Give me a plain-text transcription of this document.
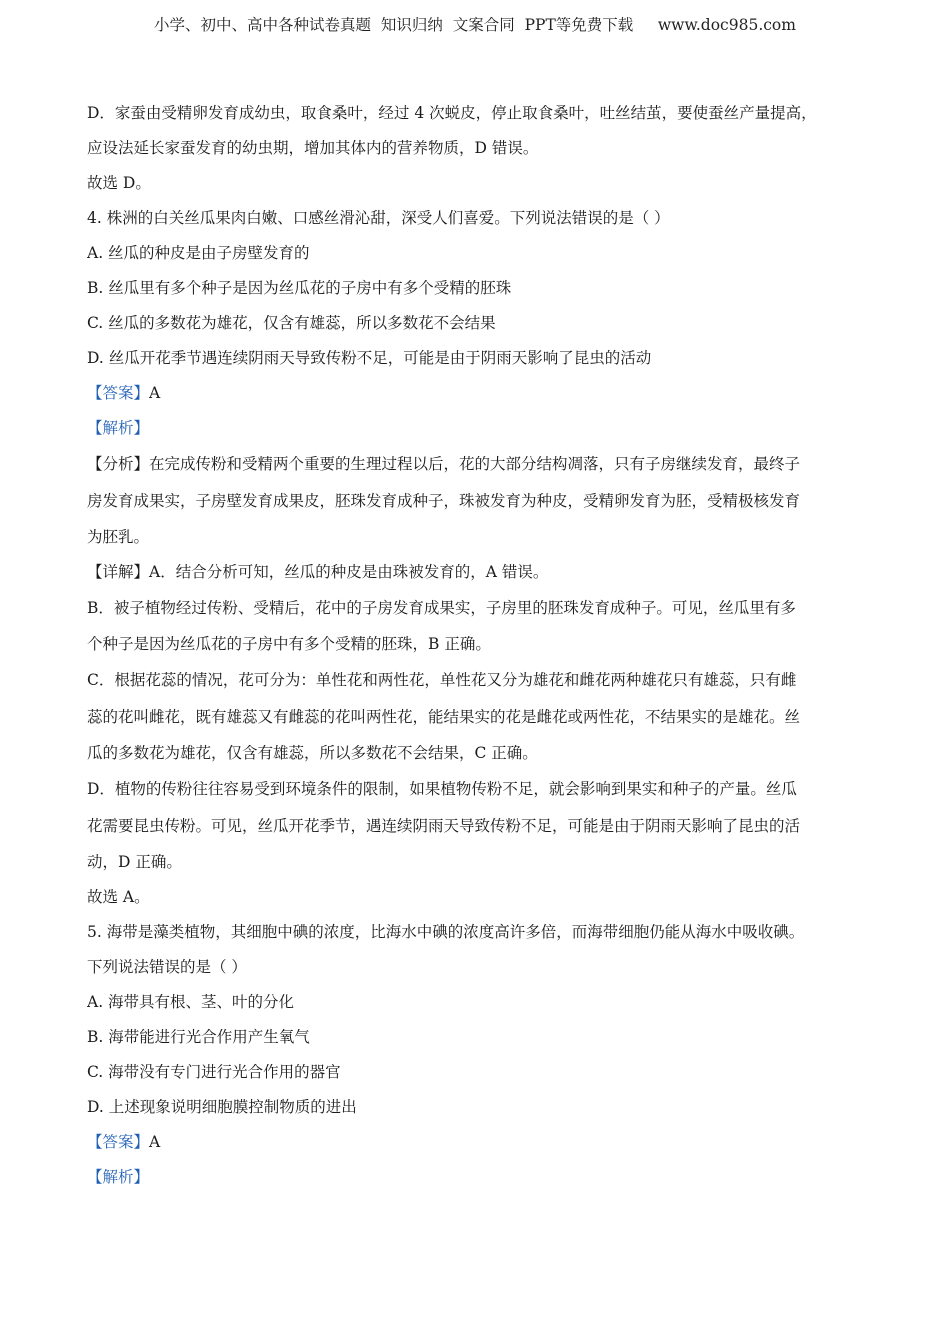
小学、初中、高中各种试卷真题  知识归纳  文案合同  PPT等免费下载     www.doc985.com
D．家蚕由受精卵发育成幼虫，取食桑叶，经过 4 次蜕皮，停止取食桑叶，吐丝结茧，要使蚕丝产量提高，
应设法延长家蚕发育的幼虫期，增加其体内的营养物质，D 错误。
故选 D。
4. 株洲的白关丝瓜果肉白嫩、口感丝滑沁甜，深受人们喜爱。下列说法错误的是（ ）
A. 丝瓜的种皮是由子房壁发育的
B. 丝瓜里有多个种子是因为丝瓜花的子房中有多个受精的胚珠
C. 丝瓜的多数花为雄花，仅含有雄蕊，所以多数花不会结果
D. 丝瓜开花季节遇连续阴雨天导致传粉不足，可能是由于阴雨天影响了昆虫的活动
【答案】A
【解析】
【分析】在完成传粉和受精两个重要的生理过程以后，花的大部分结构凋落，只有子房继续发育，最终子
房发育成果实，子房壁发育成果皮，胚珠发育成种子，珠被发育为种皮，受精卵发育为胚，受精极核发育
为胚乳。
【详解】A．结合分析可知，丝瓜的种皮是由珠被发育的，A 错误。
B．被子植物经过传粉、受精后，花中的子房发育成果实，子房里的胚珠发育成种子。可见，丝瓜里有多
个种子是因为丝瓜花的子房中有多个受精的胚珠，B 正确。
C．根据花蕊的情况，花可分为：单性花和两性花，单性花又分为雄花和雌花两种雄花只有雄蕊，只有雌
蕊的花叫雌花，既有雄蕊又有雌蕊的花叫两性花，能结果实的花是雌花或两性花，不结果实的是雄花。丝
瓜的多数花为雄花，仅含有雄蕊，所以多数花不会结果，C 正确。
D．植物的传粉往往容易受到环境条件的限制，如果植物传粉不足，就会影响到果实和种子的产量。丝瓜
花需要昆虫传粉。可见，丝瓜开花季节，遇连续阴雨天导致传粉不足，可能是由于阴雨天影响了昆虫的活
动，D 正确。
故选 A。
5. 海带是藻类植物，其细胞中碘的浓度，比海水中碘的浓度高许多倍，而海带细胞仍能从海水中吸收碘。
下列说法错误的是（ ）
A. 海带具有根、茎、叶的分化
B. 海带能进行光合作用产生氧气
C. 海带没有专门进行光合作用的器官
D. 上述现象说明细胞膜控制物质的进出
【答案】A
【解析】
